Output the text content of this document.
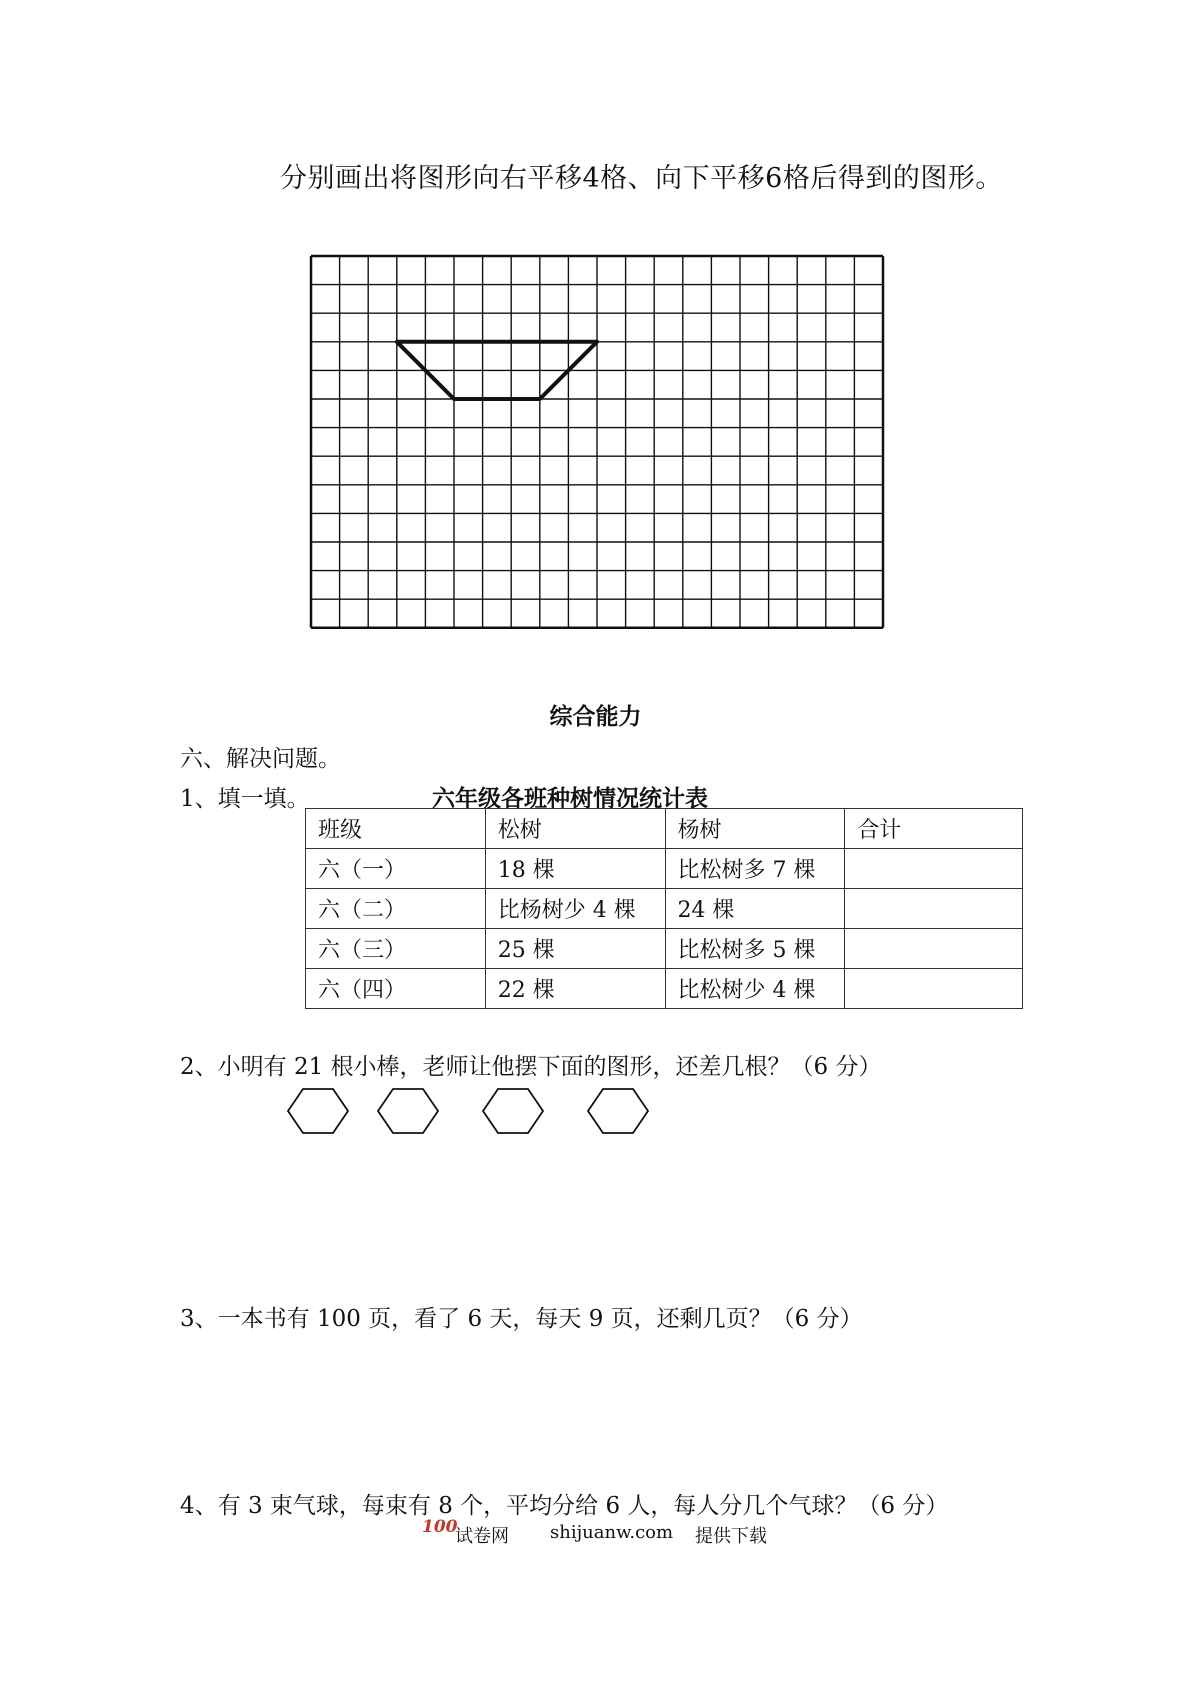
分别画出将图形向右平移4格、向下平移6格后得到的图形。
综合能力
六、解决问题。
1、填一填。	六年级各班种树情况统计表
班级	松树	杨树	合计
六（一）	18 棵	比松树多 7 棵	
六（二）	比杨树少 4 棵	24 棵	
六（三）	25 棵	比松树多 5 棵	
六（四）	22 棵	比松树少 4 棵	
2、小明有 21 根小棒，老师让他摆下面的图形，还差几根？（6 分）
3、一本书有 100 页，看了 6 天，每天 9 页，还剩几页？（6 分）
4、有 3 束气球，每束有 8 个，平均分给 6 人，每人分几个气球？（6 分）
100
试卷网 shijuanw.com 提供下载
